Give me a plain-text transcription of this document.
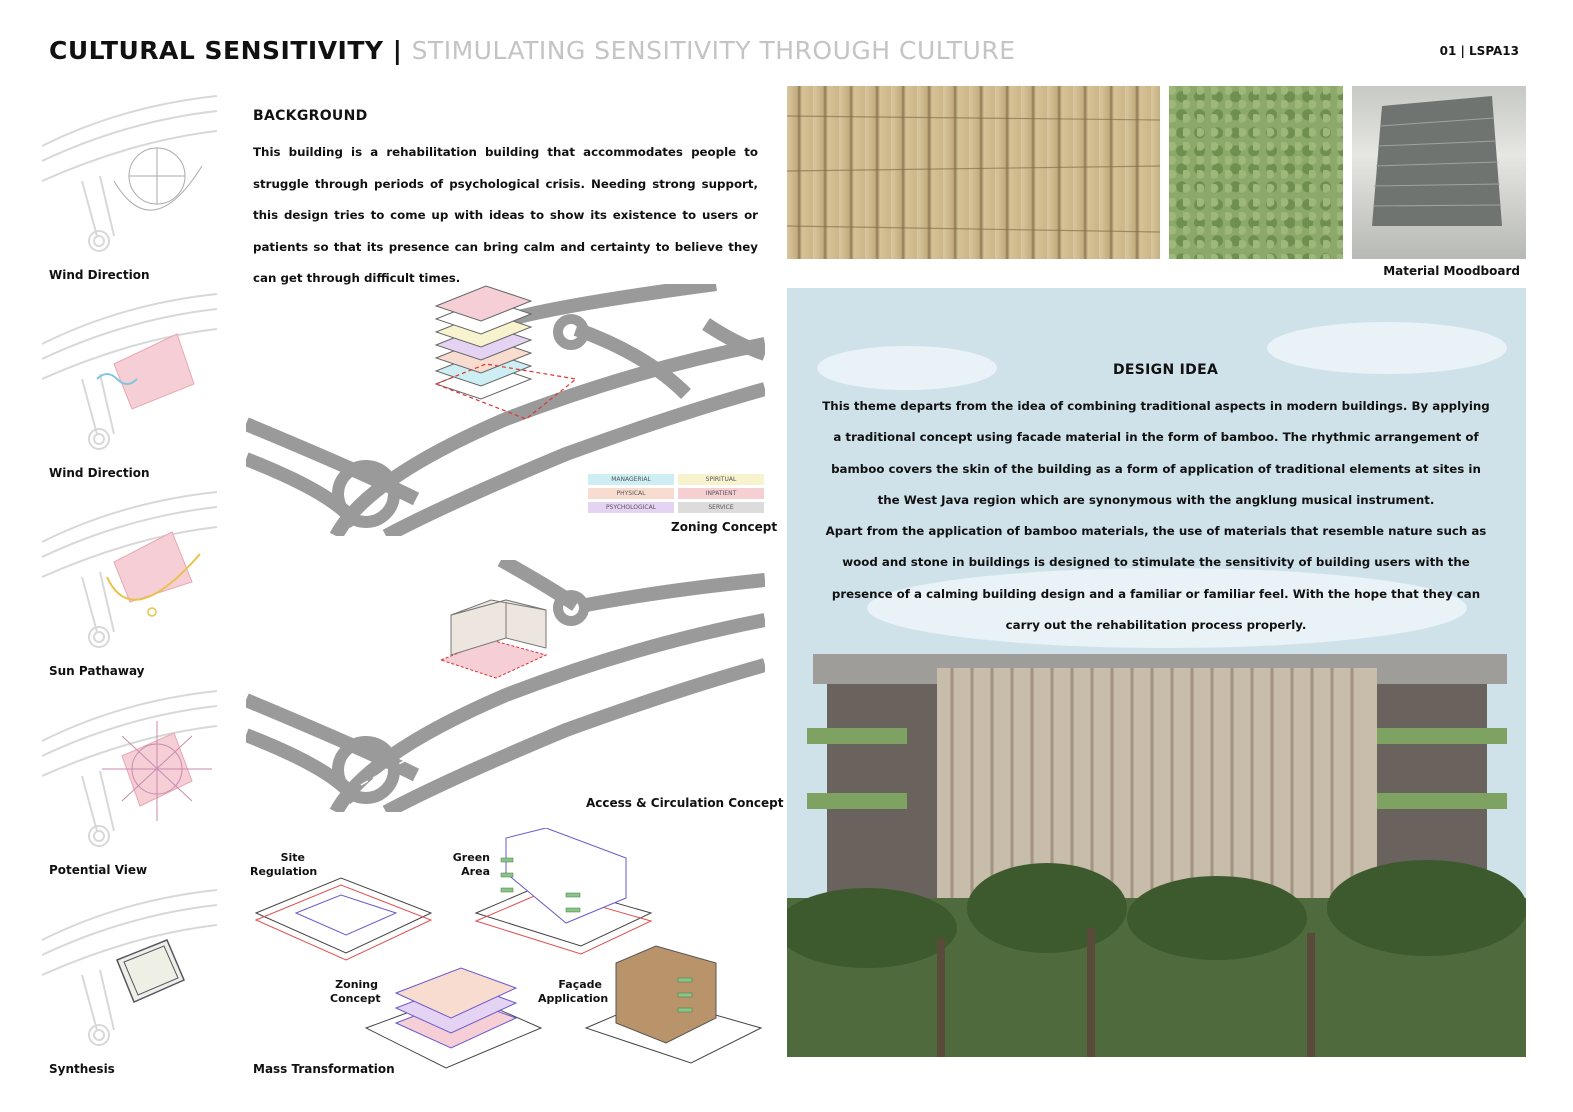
CULTURAL SENSITIVITY | STIMULATING SENSITIVITY THROUGH CULTURE	01 | LSPA13
Wind Direction
Wind Direction
Sun Pathaway
Potential View
Synthesis
BACKGROUND

This building is a rehabilitation building that accommodates people to struggle through periods of psychological crisis. Needing strong support, this design tries to come up with ideas to show its existence to users or patients so that its presence can bring calm and certainty to believe they can get through difficult times.

MANAGERIAL	SPIRITUAL
PHYSICAL	INPATIENT
PSYCHOLOGICAL	SERVICE
Zoning Concept
Access & Circulation Concept
Site
Regulation
Green
Area
Zoning
Concept
Façade
Application
Mass Transformation
Material Moodboard
DESIGN IDEA

This theme departs from the idea of combining traditional aspects in modern buildings. By applying a traditional concept using facade material in the form of bamboo. The rhythmic arrangement of bamboo covers the skin of the building as a form of application of traditional elements at sites in the West Java region which are synonymous with the angklung musical instrument.

Apart from the application of bamboo materials, the use of materials that resemble nature such as wood and stone in buildings is designed to stimulate the sensitivity of building users with the presence of a calming building design and a familiar or familiar feel. With the hope that they can carry out the rehabilitation process properly.
